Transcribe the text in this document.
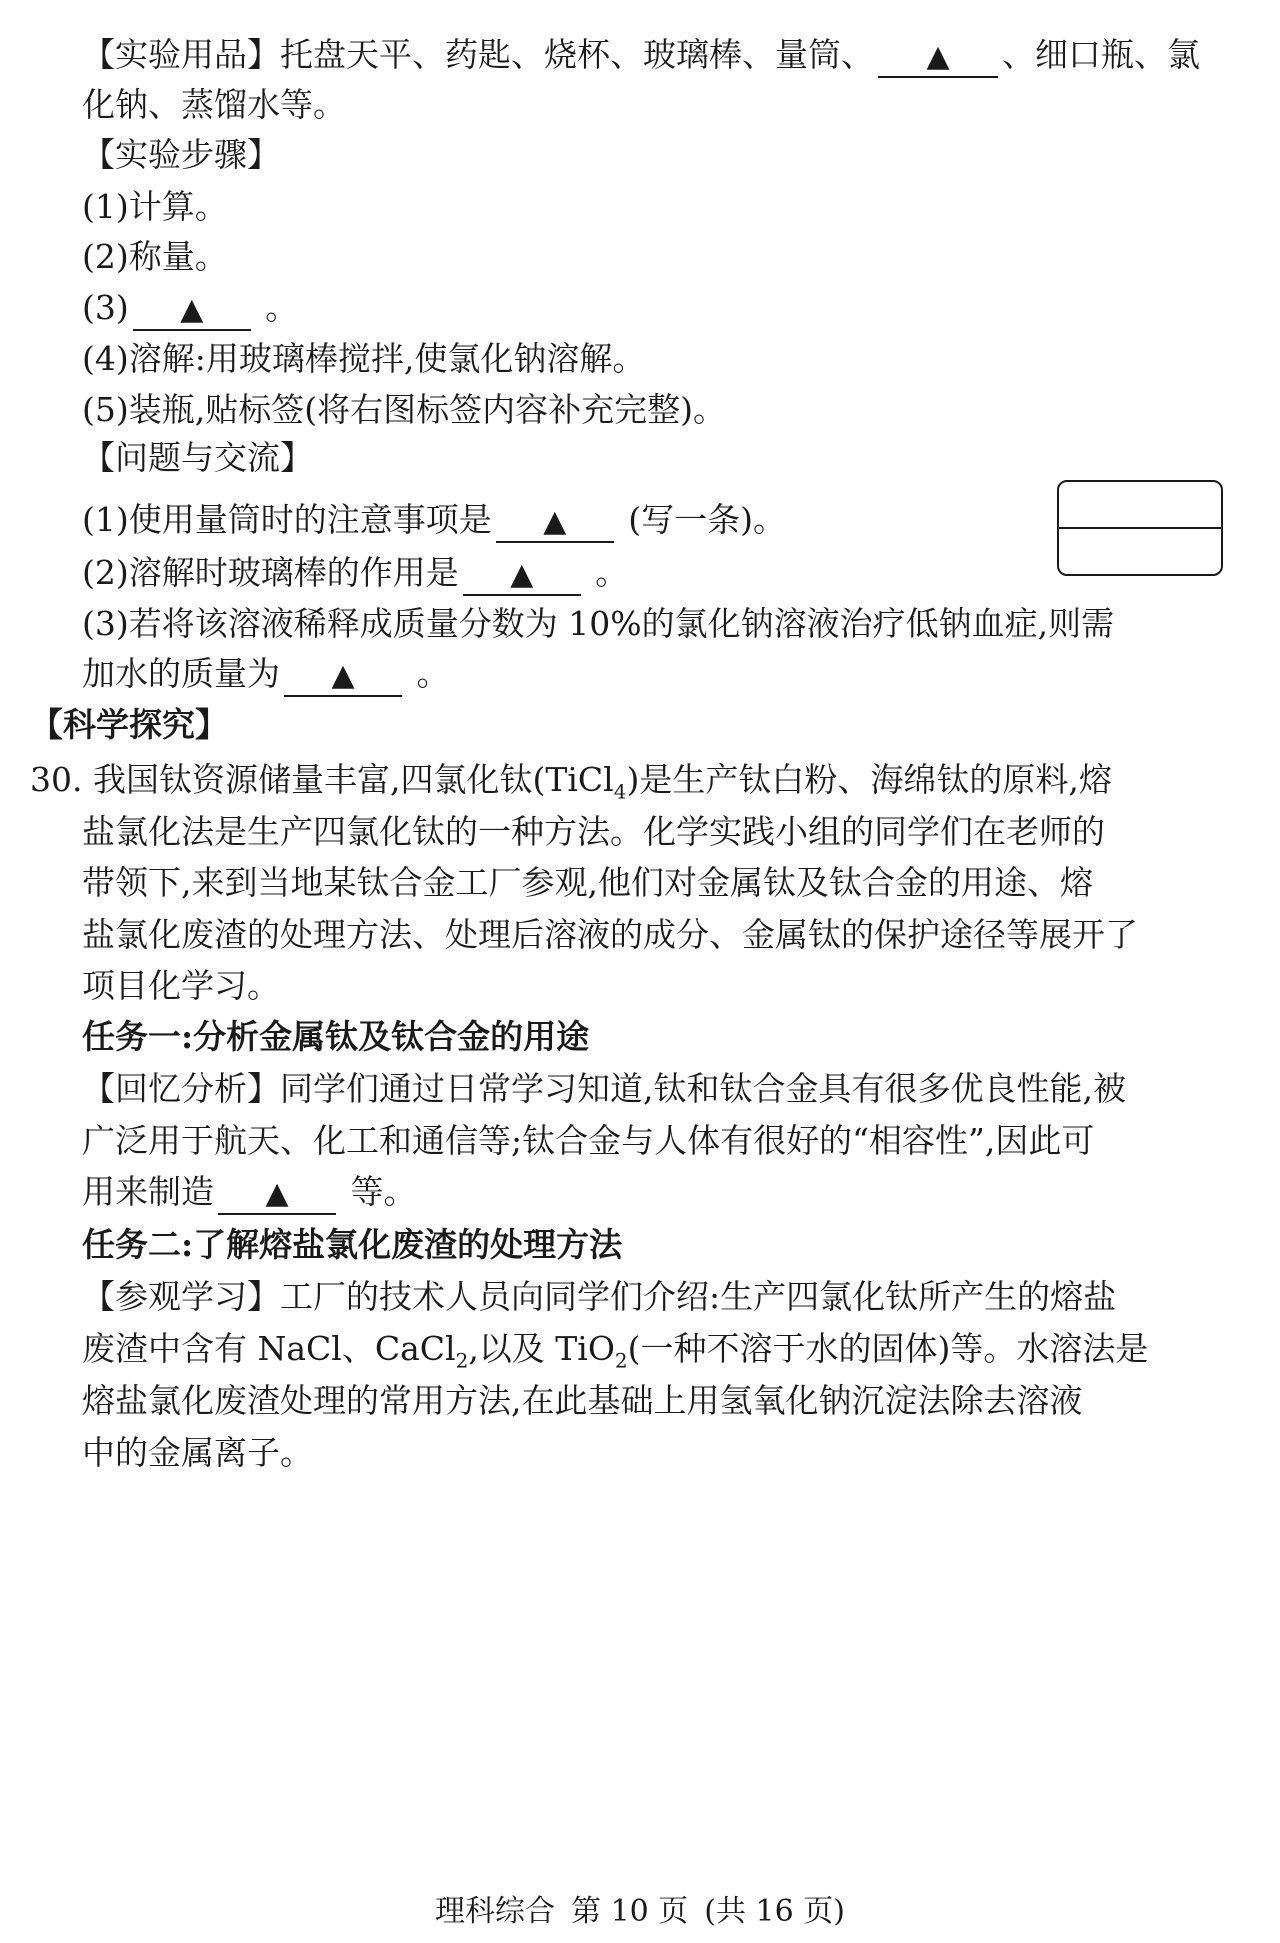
【实验用品】托盘天平、药匙、烧杯、玻璃棒、量筒、 ▲ 、细口瓶、氯
化钠、蒸馏水等。
【实验步骤】
(1)计算。
(2)称量。
(3) ▲ 。
(4)溶解:用玻璃棒搅拌,使氯化钠溶解。
(5)装瓶,贴标签(将右图标签内容补充完整)。
【问题与交流】
(1)使用量筒时的注意事项是 ▲ (写一条)。
(2)溶解时玻璃棒的作用是 ▲ 。
(3)若将该溶液稀释成质量分数为 10%的氯化钠溶液治疗低钠血症,则需
加水的质量为 ▲ 。
【科学探究】
30. 我国钛资源储量丰富,四氯化钛(TiCl$_4$)是生产钛白粉、海绵钛的原料,熔
盐氯化法是生产四氯化钛的一种方法。化学实践小组的同学们在老师的
带领下,来到当地某钛合金工厂参观,他们对金属钛及钛合金的用途、熔
盐氯化废渣的处理方法、处理后溶液的成分、金属钛的保护途径等展开了
项目化学习。
任务一:分析金属钛及钛合金的用途
【回忆分析】同学们通过日常学习知道,钛和钛合金具有很多优良性能,被
广泛用于航天、化工和通信等;钛合金与人体有很好的“相容性”,因此可
用来制造 ▲ 等。
任务二:了解熔盐氯化废渣的处理方法
【参观学习】工厂的技术人员向同学们介绍:生产四氯化钛所产生的熔盐
废渣中含有 NaCl、CaCl$_2$,以及 TiO$_2$(一种不溶于水的固体)等。水溶法是
熔盐氯化废渣处理的常用方法,在此基础上用氢氧化钠沉淀法除去溶液
中的金属离子。
理科综合 第 10 页 (共 16 页)
